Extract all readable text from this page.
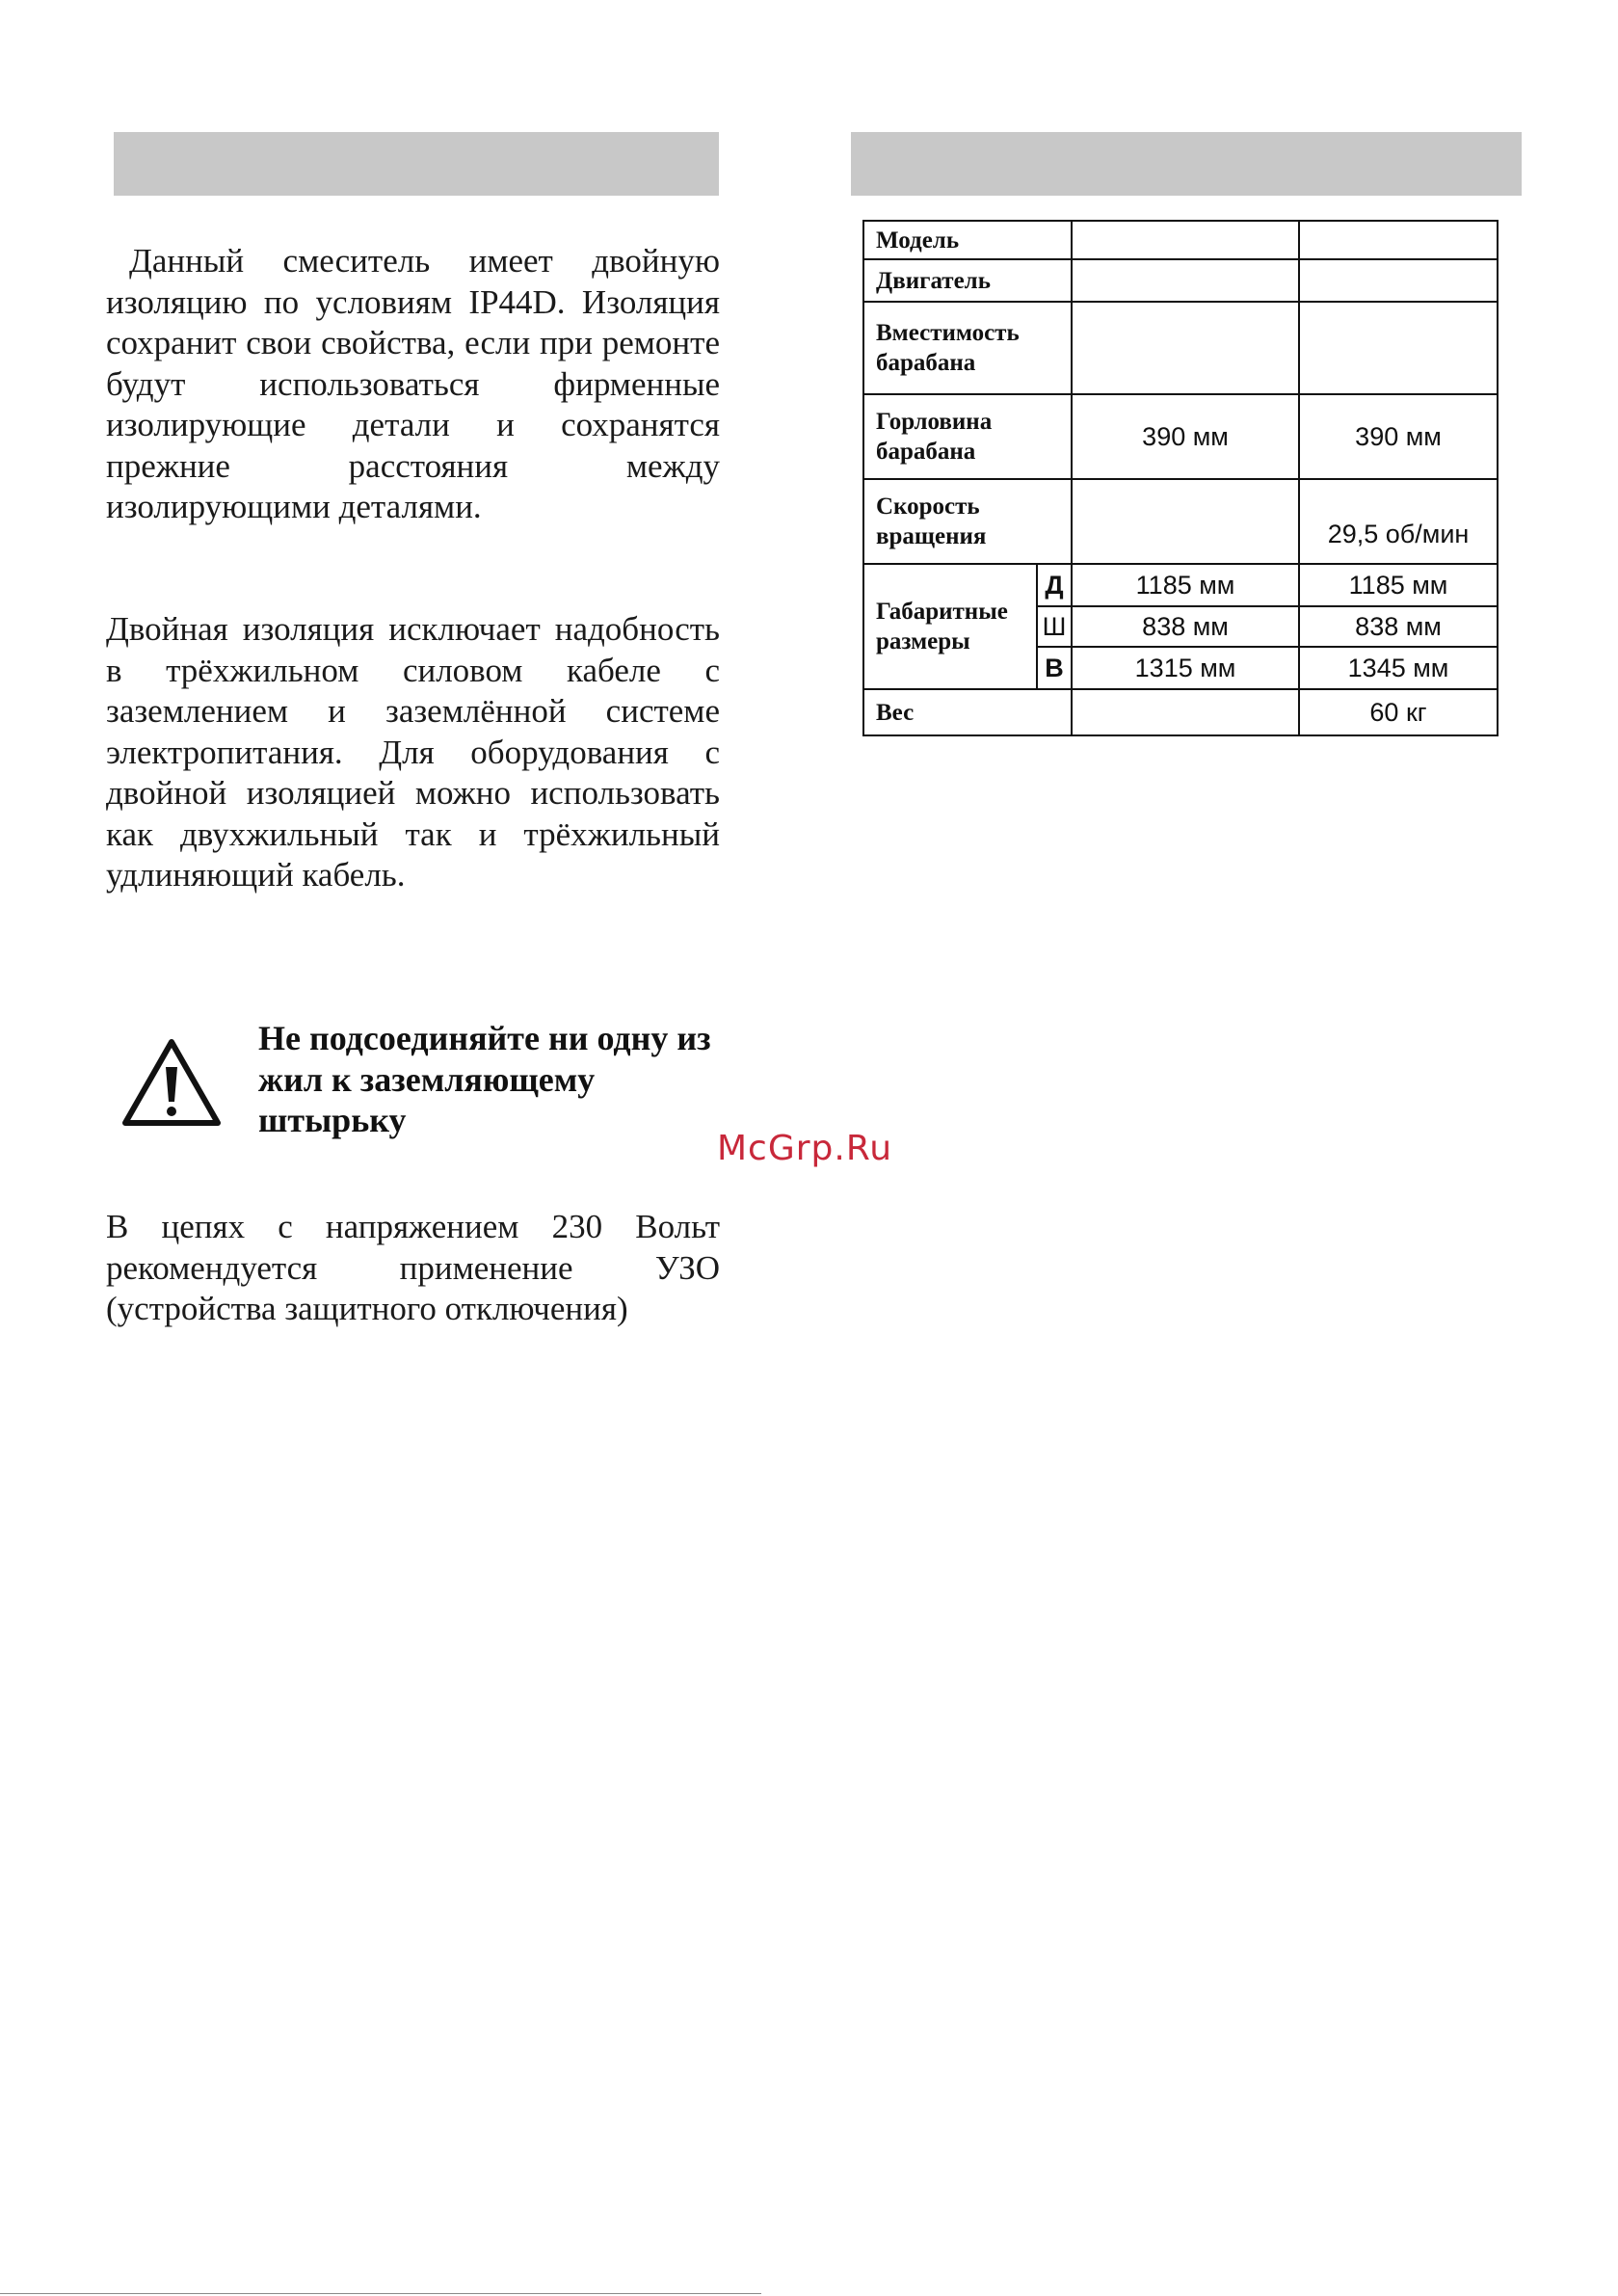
Данный смеситель имеет двойную изоляцию по условиям IP44D. Изоляция сохранит свои свойства, если при ремонте будут использоваться фирменные изолирующие детали и сохранятся прежние расстояния между изолирующими деталями.

Двойная изоляция исключает надобность в трёхжильном силовом кабеле с заземлением и заземлённой системе электропитания. Для оборудования с двойной изоляцией можно использовать как двухжильный так и трёхжильный удлиняющий кабель.

Не подсоединяйте ни одну из жил к заземляющему штырьку
McGrp.Ru

В цепях с напряжением 230 Вольт рекомендуется применение УЗО (устройства защитного отключения)

Модель			
Двигатель			
Вместимость барабана			
Горловина барабана		390 мм	390 мм
Скорость вращения			29,5 об/мин
Габаритные размеры	Д	1185 мм	1185 мм
	Ш	838 мм	838 мм
	В	1315 мм	1345 мм
Вес			60 кг
